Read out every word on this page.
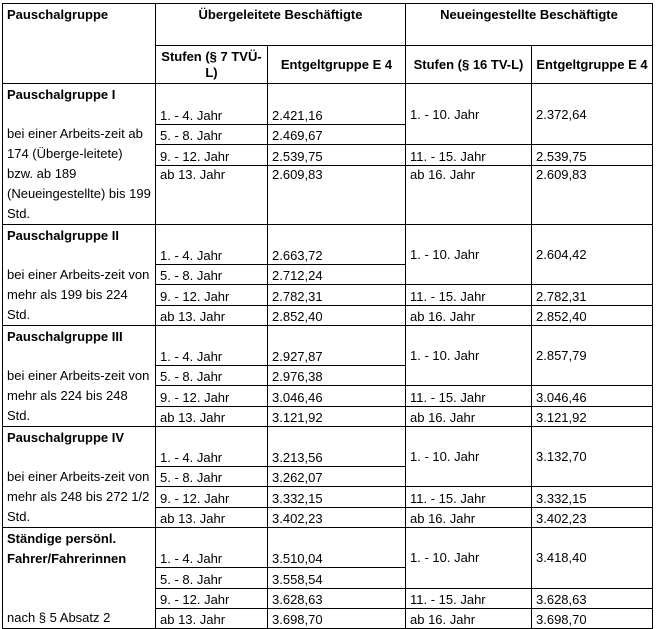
Pauschalgruppe	Übergeleitete Beschäftigte		Neueingestellte Beschäftigte	
	Stufen (§ 7 TVÜ-L)	Entgeltgruppe E 4	Stufen (§ 16 TV-L)	Entgeltgruppe E 4

Pauschalgruppe I
bei einer Arbeits-zeit ab 174 (Überge-leitete) bzw. ab 189 (Neueingestellte) bis 199 Std.	1. - 4. Jahr	2.421,16	1. - 10. Jahr	2.372,64
	5. - 8. Jahr	2.469,67		
	9. - 12. Jahr	2.539,75	11. - 15. Jahr	2.539,75
	ab 13. Jahr	2.609,83	ab 16. Jahr	2.609,83

Pauschalgruppe II
bei einer Arbeits-zeit von mehr als 199 bis 224 Std.	1. - 4. Jahr	2.663,72	1. - 10. Jahr	2.604,42
	5. - 8. Jahr	2.712,24		
	9. - 12. Jahr	2.782,31	11. - 15. Jahr	2.782,31
	ab 13. Jahr	2.852,40	ab 16. Jahr	2.852,40

Pauschalgruppe III
bei einer Arbeits-zeit von mehr als 224 bis 248 Std.	1. - 4. Jahr	2.927,87	1. - 10. Jahr	2.857,79
	5. - 8. Jahr	2.976,38		
	9. - 12. Jahr	3.046,46	11. - 15. Jahr	3.046,46
	ab 13. Jahr	3.121,92	ab 16. Jahr	3.121,92

Pauschalgruppe IV
bei einer Arbeits-zeit von mehr als 248 bis 272 1/2 Std.	1. - 4. Jahr	3.213,56	1. - 10. Jahr	3.132,70
	5. - 8. Jahr	3.262,07		
	9. - 12. Jahr	3.332,15	11. - 15. Jahr	3.332,15
	ab 13. Jahr	3.402,23	ab 16. Jahr	3.402,23

Ständige persönl. Fahrer/Fahrerinnen
nach § 5 Absatz 2	1. - 4. Jahr	3.510,04	1. - 10. Jahr	3.418,40
	5. - 8. Jahr	3.558,54		
	9. - 12. Jahr	3.628,63	11. - 15. Jahr	3.628,63
	ab 13. Jahr	3.698,70	ab 16. Jahr	3.698,70
